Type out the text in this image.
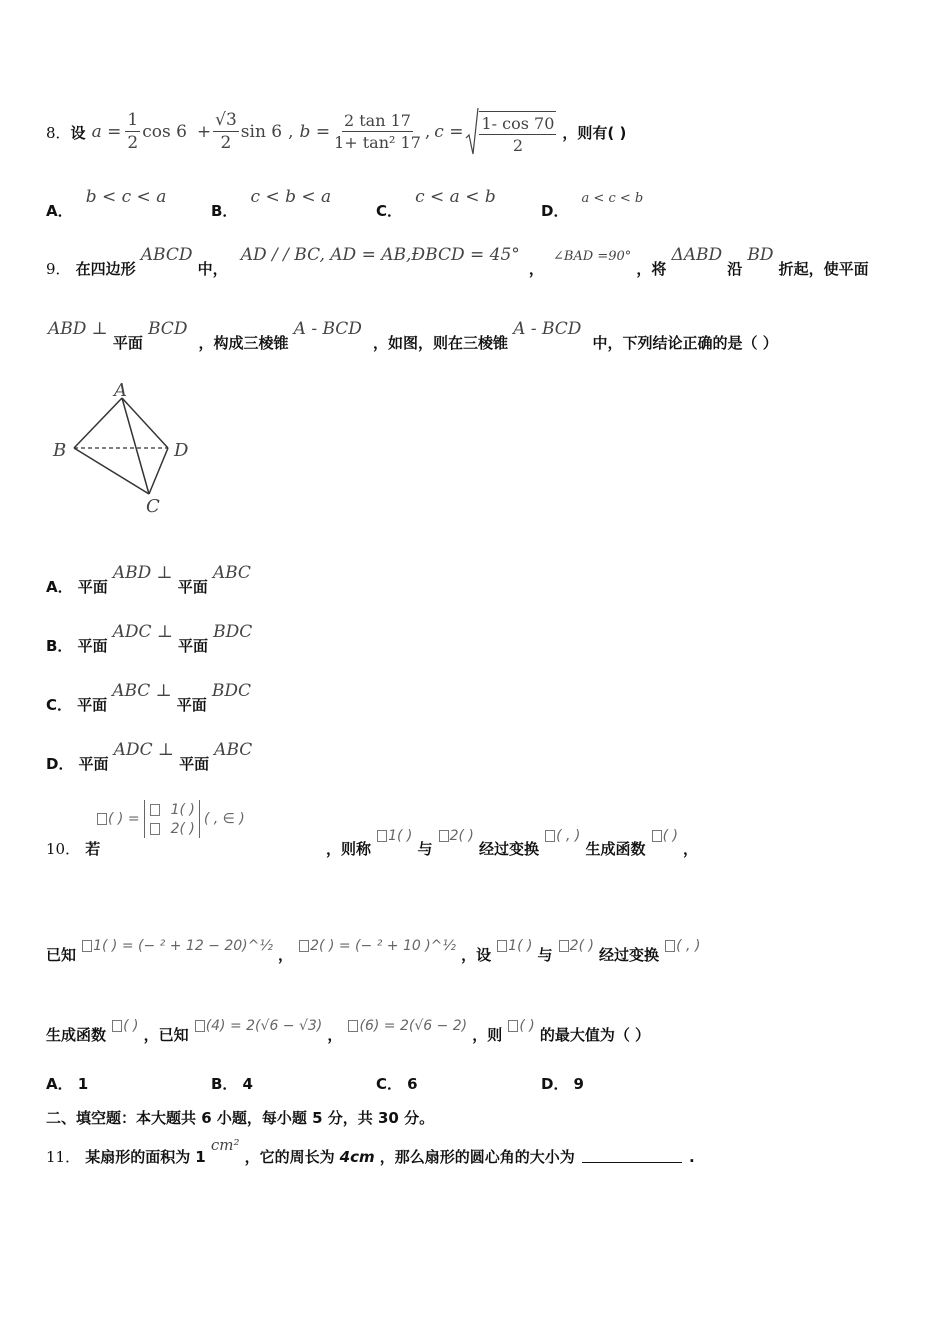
8． 设 $a = \frac{1}{2}$ $\cos 6 + \frac{√3}{2}$ sin 6 , $b = \frac{2 \tan 17}{\text{1+ tan² 17}}$ , $c = \frac{1- \cos 70}{2}$ ，则有( )
A． b < c < a
B． c < b < a
C． c < a < b
D． a < c < b
9． 在四边形 ABCD 中， AD / / BC, AD = AB,ÐBCD = 45° ， ∠BAD =90° ，将 ΔABD 沿 BD 折起，使平面
ABD ⊥ 平面 BCD ，构成三棱锥 A - BCD ，如图，则在三棱锥 A - BCD 中，下列结论正确的是（ ）
A
B	D
C
A． 平面 ABD ⊥ 平面 ABC
B． 平面 ADC ⊥ 平面 BDC
C． 平面 ABC ⊥ 平面 BDC
D． 平面 ADC ⊥ 平面 ABC
( ) =
1( )
2( )
( , ∈ )
10． 若	，则称 1( ) 与 2( ) 经过变换 ( , ) 生成函数 ( ) ，
已知 1( ) = (− ² + 12 − 20)^½ ， 2( ) = (− ² + 10 )^½ ，设 1( ) 与 2( ) 经过变换 ( , )
生成函数 ( ) ，已知 (4) = 2(√6 − √3) ， (6) = 2(√6 − 2) ，则 ( ) 的最大值为（ ）
A． 1	B． 4	C． 6	D． 9
二、填空题：本大题共 6 小题，每小题 5 分，共 30 分。
11． 某扇形的面积为 1 cm² ，它的周长为 4cm ，那么扇形的圆心角的大小为	.
